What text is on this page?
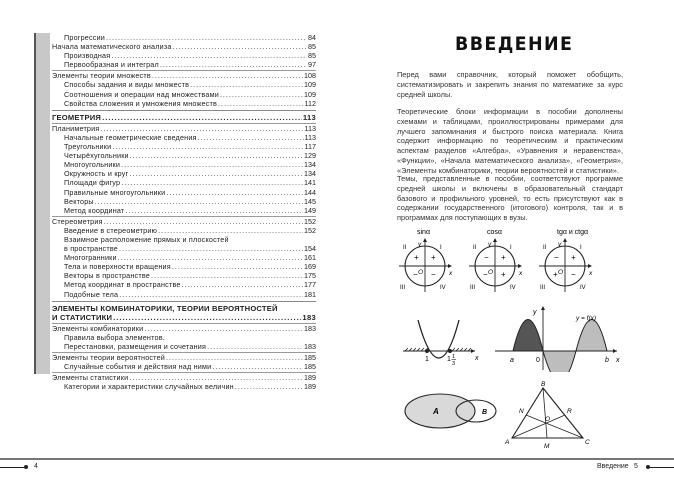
Прогрессии .....	84
Начала математического анализа .....	85
Производная .....	85
Первообразная и интеграл .....	97
Элементы теории множеств .....	108
Способы задания и виды множеств .....	109
Соотношения и операции над множествами .....	109
Свойства сложения и умножения множеств .....	112
ГЕОМЕТРИЯ .....	113
Планиметрия .....	113
Начальные геометрические сведения .....	113
Треугольники .....	117
Четырёхугольники .....	129
Многоугольники .....	134
Окружность и круг .....	134
Площади фигур .....	141
Правильные многоугольники .....	144
Векторы .....	145
Метод координат .....	149
Стереометрия .....	152
Введение в стереометрию .....	152
Взаимное расположение прямых и плоскостей
в пространстве .....	154
Многогранники .....	161
Тела и поверхности вращения .....	169
Векторы в пространстве .....	175
Метод координат в пространстве .....	177
Подобные тела .....	181
ЭЛЕМЕНТЫ КОМБИНАТОРИКИ, ТЕОРИИ ВЕРОЯТНОСТЕЙ
И СТАТИСТИКИ .....	183
Элементы комбинаторики .....	183
Правила выбора элементов.
Перестановки, размещения и сочетания .....	183
Элементы теории вероятностей .....	185
Случайные события и действия над ними .....	185
Элементы статистики .....	189
Категории и характеристики случайных величин .....	189
ВВЕДЕНИЕ
Перед вами справочник, который поможет обобщить, систематизировать и закрепить знания по математике за курс средней школы.
Теоретические блоки информации в пособии дополнены схемами и таблицами, проиллюстрированы примерами для лучшего запоминания и быстрого поиска материала. Книга содержит информацию по теоретическим и практическим аспектам разделов «Алгебра», «Уравнения и неравенства», «Функции», «Начала математического анализа», «Геометрия», «Элементы комбинаторики, теории вероятностей и статистики».
Темы, представленные в пособии, соответствуют программе средней школы и включены в образовательный стандарт базового и профильного уровней, то есть присутствуют как в содержании государственного (итогового) контроля, так и в программах для поступающих в вузы.
sinα
y
x
O
I
II
III	IV
+ +
− −
cosα
y
x
O
I
II
III	IV
− +
− +
tgα и ctgα
y
x
O
I
II
III	IV
− +
+ −
1	1 1
3
x
y
y = f(x)
a	0	b x
A	B
B
A	C
N	R
O
M
4	Введение 5
